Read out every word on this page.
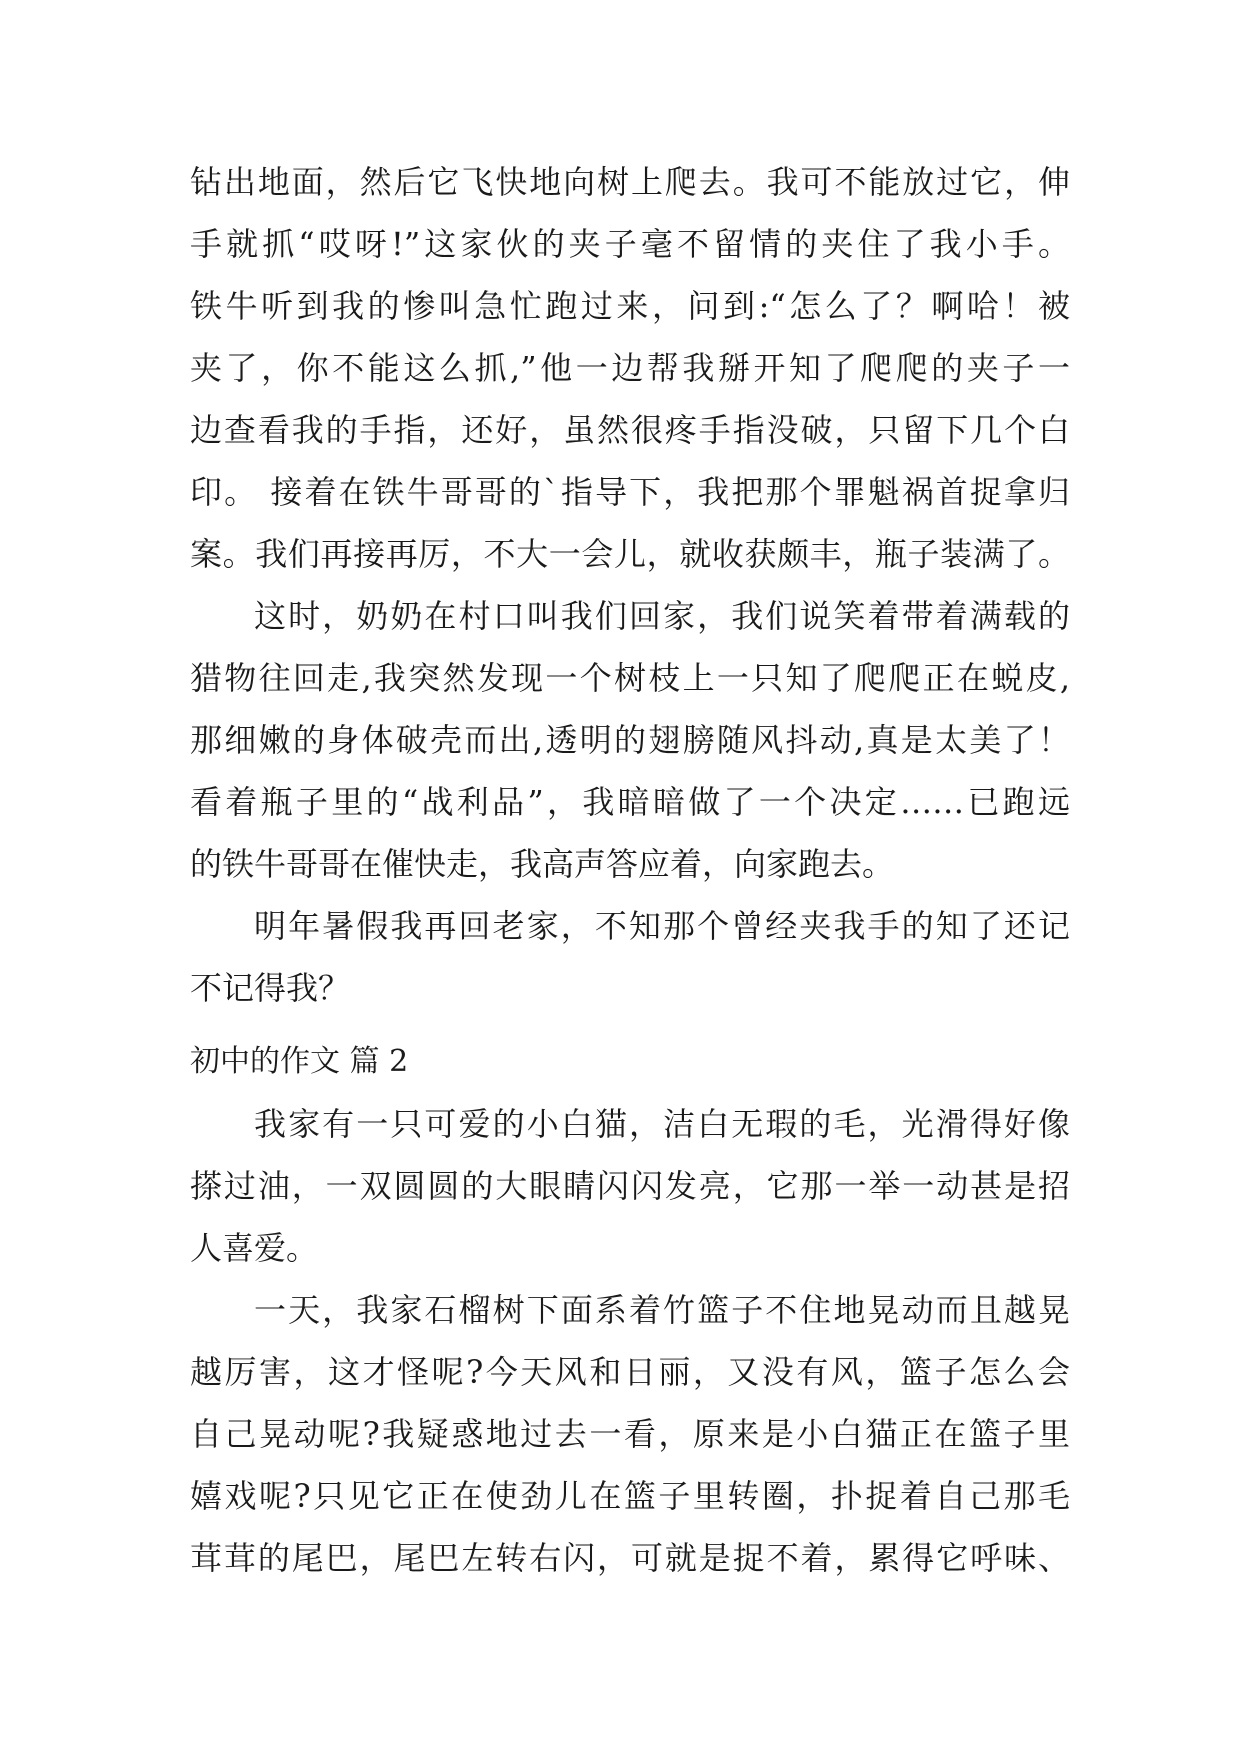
钻出地面，然后它飞快地向树上爬去。我可不能放过它，伸
手就抓“哎呀!”这家伙的夹子毫不留情的夹住了我小手。
铁牛听到我的惨叫急忙跑过来，问到:“怎么了？啊哈！被
夹了，你不能这么抓,”他一边帮我掰开知了爬爬的夹子一
边查看我的手指，还好，虽然很疼手指没破，只留下几个白
印。 接着在铁牛哥哥的`指导下，我把那个罪魁祸首捉拿归
案。我们再接再厉，不大一会儿，就收获颇丰，瓶子装满了。
这时，奶奶在村口叫我们回家，我们说笑着带着满载的
猎物往回走,我突然发现一个树枝上一只知了爬爬正在蜕皮,
那细嫩的身体破壳而出,透明的翅膀随风抖动,真是太美了！
看着瓶子里的“战利品”，我暗暗做了一个决定……已跑远
的铁牛哥哥在催快走，我高声答应着，向家跑去。
明年暑假我再回老家，不知那个曾经夹我手的知了还记
不记得我？
初中的作文 篇 2
我家有一只可爱的小白猫，洁白无瑕的毛，光滑得好像
搽过油，一双圆圆的大眼睛闪闪发亮，它那一举一动甚是招
人喜爱。
一天，我家石榴树下面系着竹篮子不住地晃动而且越晃
越厉害，这才怪呢?今天风和日丽，又没有风，篮子怎么会
自己晃动呢?我疑惑地过去一看，原来是小白猫正在篮子里
嬉戏呢?只见它正在使劲儿在篮子里转圈，扑捉着自己那毛
茸茸的尾巴，尾巴左转右闪，可就是捉不着，累得它呼味、
